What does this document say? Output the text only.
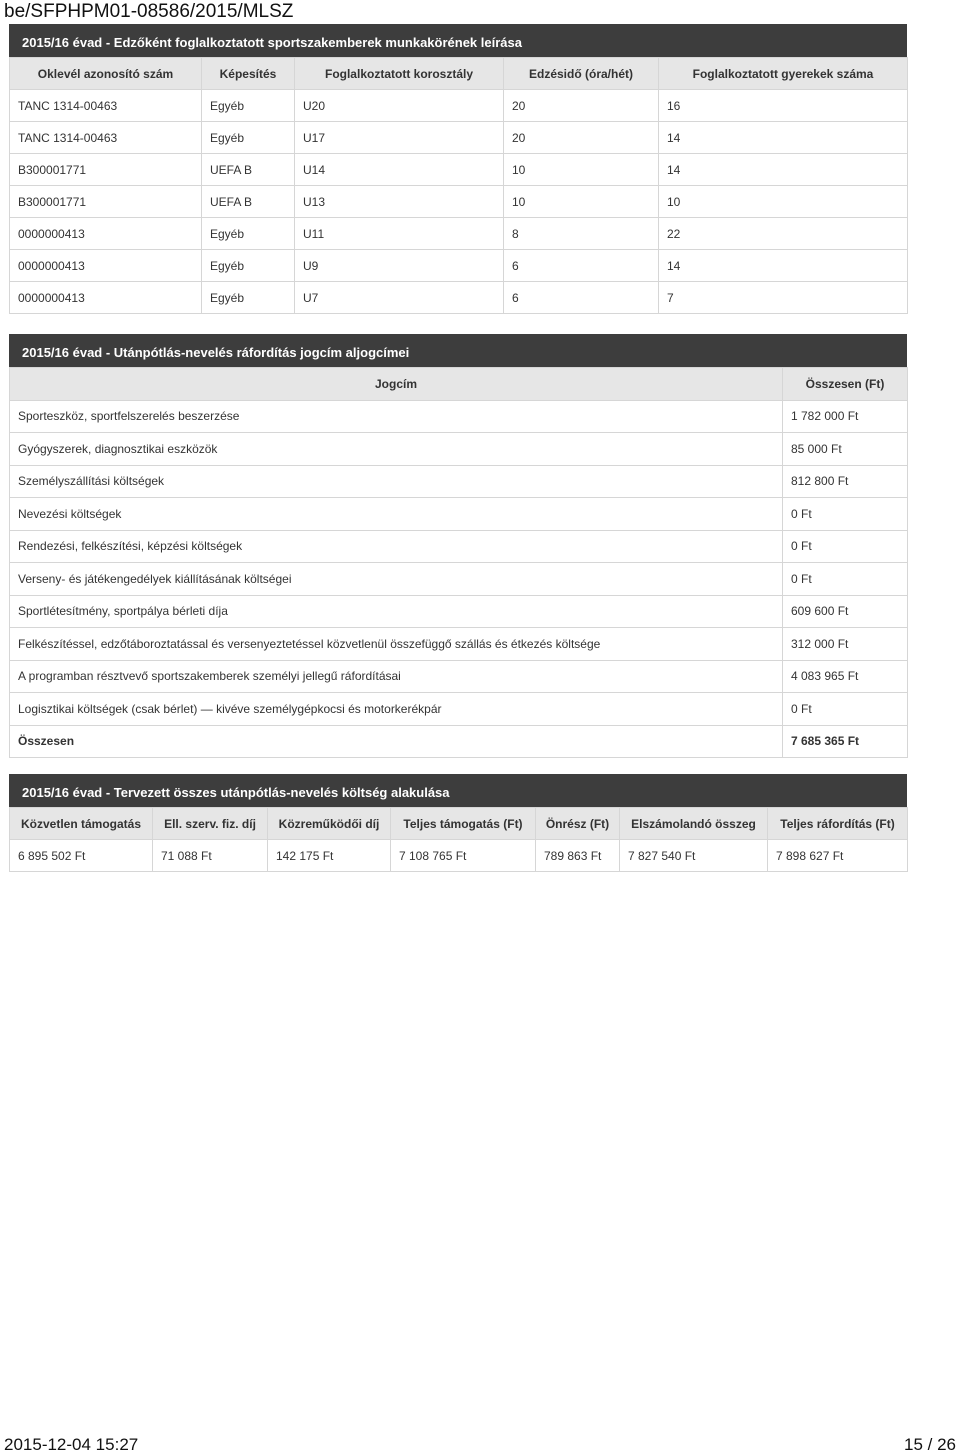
be/SFPHPM01-08586/2015/MLSZ
2015/16 évad - Edzőként foglalkoztatott sportszakemberek munkakörének leírása
Oklevél azonosító szám	Képesítés	Foglalkoztatott korosztály	Edzésidő (óra/hét)	Foglalkoztatott gyerekek száma
TANC 1314-00463	Egyéb	U20	20	16
TANC 1314-00463	Egyéb	U17	20	14
B300001771	UEFA B	U14	10	14
B300001771	UEFA B	U13	10	10
0000000413	Egyéb	U11	8	22
0000000413	Egyéb	U9	6	14
0000000413	Egyéb	U7	6	7
2015/16 évad - Utánpótlás-nevelés ráfordítás jogcím aljogcímei
Jogcím	Összesen (Ft)
Sporteszköz, sportfelszerelés beszerzése	1 782 000 Ft
Gyógyszerek, diagnosztikai eszközök	85 000 Ft
Személyszállítási költségek	812 800 Ft
Nevezési költségek	0 Ft
Rendezési, felkészítési, képzési költségek	0 Ft
Verseny- és játékengedélyek kiállításának költségei	0 Ft
Sportlétesítmény, sportpálya bérleti díja	609 600 Ft
Felkészítéssel, edzőtáboroztatással és versenyeztetéssel közvetlenül összefüggő szállás és étkezés költsége	312 000 Ft
A programban résztvevő sportszakemberek személyi jellegű ráfordításai	4 083 965 Ft
Logisztikai költségek (csak bérlet) ― kivéve személygépkocsi és motorkerékpár	0 Ft
Összesen	7 685 365 Ft
2015/16 évad - Tervezett összes utánpótlás-nevelés költség alakulása
Közvetlen támogatás	Ell. szerv. fiz. díj	Közreműködői díj	Teljes támogatás (Ft)	Önrész (Ft)	Elszámolandó összeg	Teljes ráfordítás (Ft)
6 895 502 Ft	71 088 Ft	142 175 Ft	7 108 765 Ft	789 863 Ft	7 827 540 Ft	7 898 627 Ft
2015-12-04 15:27	15 / 26
